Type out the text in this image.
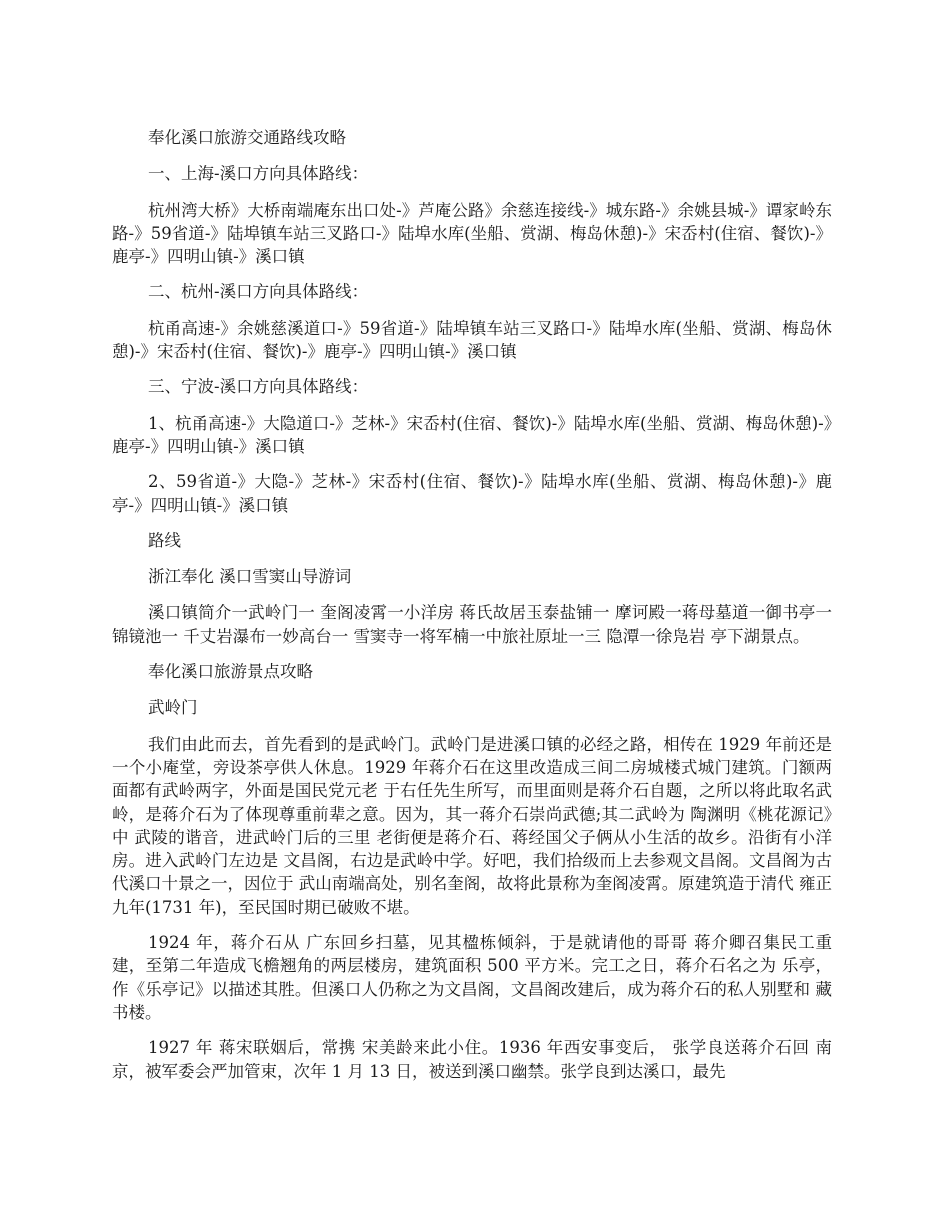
奉化溪口旅游交通路线攻略

一、上海-溪口方向具体路线：

杭州湾大桥》大桥南端庵东出口处-》芦庵公路》余慈连接线-》城东路-》余姚县城-》谭家岭东路-》59省道-》陆埠镇车站三叉路口-》陆埠水库(坐船、赏湖、梅岛休憩)-》宋岙村(住宿、餐饮)-》鹿亭-》四明山镇-》溪口镇

二、杭州-溪口方向具体路线：

杭甬高速-》余姚慈溪道口-》59省道-》陆埠镇车站三叉路口-》陆埠水库(坐船、赏湖、梅岛休憩)-》宋岙村(住宿、餐饮)-》鹿亭-》四明山镇-》溪口镇

三、宁波-溪口方向具体路线：

1、杭甬高速-》大隐道口-》芝林-》宋岙村(住宿、餐饮)-》陆埠水库(坐船、赏湖、梅岛休憩)-》鹿亭-》四明山镇-》溪口镇

2、59省道-》大隐-》芝林-》宋岙村(住宿、餐饮)-》陆埠水库(坐船、赏湖、梅岛休憩)-》鹿亭-》四明山镇-》溪口镇

路线

浙江奉化 溪口雪窦山导游词

溪口镇简介一武岭门一 奎阁凌霄一小洋房 蒋氏故居玉泰盐铺一 摩诃殿一蒋母墓道一御书亭一锦镜池一 千丈岩瀑布一妙高台一 雪窦寺一将军楠一中旅社原址一三 隐潭一徐凫岩 亭下湖景点。

奉化溪口旅游景点攻略

武岭门

我们由此而去，首先看到的是武岭门。武岭门是进溪口镇的必经之路，相传在 1929 年前还是一个小庵堂，旁设茶亭供人休息。1929 年蒋介石在这里改造成三间二房城楼式城门建筑。门额两面都有武岭两字，外面是国民党元老 于右任先生所写，而里面则是蒋介石自题，之所以将此取名武岭，是蒋介石为了体现尊重前辈之意。因为，其一蒋介石崇尚武德;其二武岭为 陶渊明《桃花源记》中 武陵的谐音，进武岭门后的三里 老街便是蒋介石、蒋经国父子俩从小生活的故乡。沿街有小洋房。进入武岭门左边是 文昌阁，右边是武岭中学。好吧，我们拾级而上去参观文昌阁。文昌阁为古代溪口十景之一，因位于 武山南端高处，别名奎阁，故将此景称为奎阁凌霄。原建筑造于清代 雍正九年(1731 年)，至民国时期已破败不堪。

1924 年，蒋介石从 广东回乡扫墓，见其楹栋倾斜，于是就请他的哥哥 蒋介卿召集民工重建，至第二年造成飞檐翘角的两层楼房，建筑面积 500 平方米。完工之日，蒋介石名之为 乐亭，作《乐亭记》以描述其胜。但溪口人仍称之为文昌阁，文昌阁改建后，成为蒋介石的私人别墅和 藏书楼。

1927 年 蒋宋联姻后，常携 宋美龄来此小住。1936 年西安事变后， 张学良送蒋介石回 南京，被军委会严加管束，次年 1 月 13 日，被送到溪口幽禁。张学良到达溪口，最先
